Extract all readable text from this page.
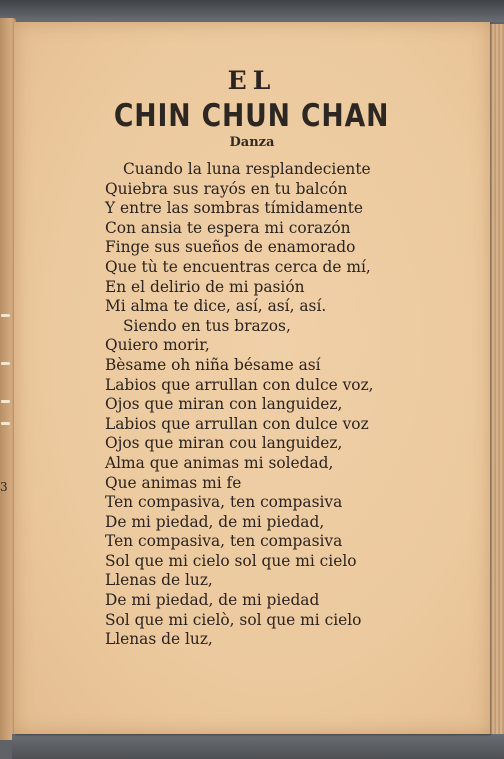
3
EL
CHIN CHUN CHAN
Danza
Cuando la luna resplandeciente
Quiebra sus rayós en tu balcón
Y entre las sombras tímidamente
Con ansia te espera mi corazón
Finge sus sueños de enamorado
Que tù te encuentras cerca de mí,
En el delirio de mi pasión
Mi alma te dice, así, así, así.
Siendo en tus brazos,
Quiero morir,
Bèsame oh niña bésame así
Labios que arrullan con dulce voz,
Ojos que miran con languidez,
Labios que arrullan con dulce voz
Ojos que miran cou languidez,
Alma que animas mi soledad,
Que animas mi fe
Ten compasiva, ten compasiva
De mi piedad, de mi piedad,
Ten compasiva, ten compasiva
Sol que mi cielo sol que mi cielo
Llenas de luz,
De mi piedad, de mi piedad
Sol que mi cielò, sol que mi cielo
Llenas de luz,
